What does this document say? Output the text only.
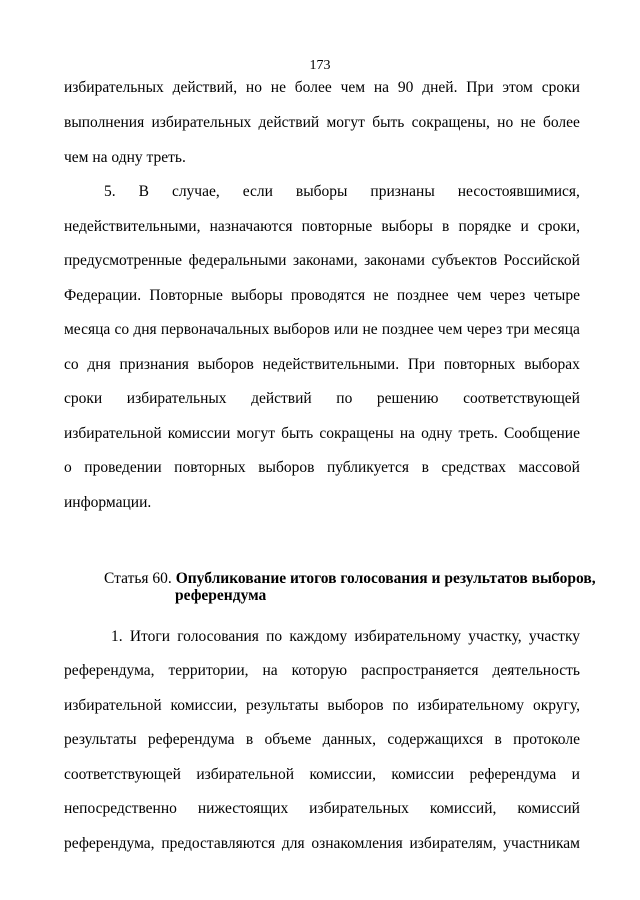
173
избирательных действий, но не более чем на 90 дней. При этом сроки
выполнения избирательных действий могут быть сокращены, но не более
чем на одну треть.
5. В случае, если выборы признаны несостоявшимися,
недействительными, назначаются повторные выборы в порядке и сроки,
предусмотренные федеральными законами, законами субъектов Российской
Федерации. Повторные выборы проводятся не позднее чем через четыре
месяца со дня первоначальных выборов или не позднее чем через три месяца
со дня признания выборов недействительными. При повторных выборах
сроки избирательных действий по решению соответствующей
избирательной комиссии могут быть сокращены на одну треть. Сообщение
о проведении повторных выборов публикуется в средствах массовой
информации.
Статья 60. Опубликование итогов голосования и результатов выборов,
референдума
1. Итоги голосования по каждому избирательному участку, участку
референдума, территории, на которую распространяется деятельность
избирательной комиссии, результаты выборов по избирательному округу,
результаты референдума в объеме данных, содержащихся в протоколе
соответствующей избирательной комиссии, комиссии референдума и
непосредственно нижестоящих избирательных комиссий, комиссий
референдума, предоставляются для ознакомления избирателям, участникам
